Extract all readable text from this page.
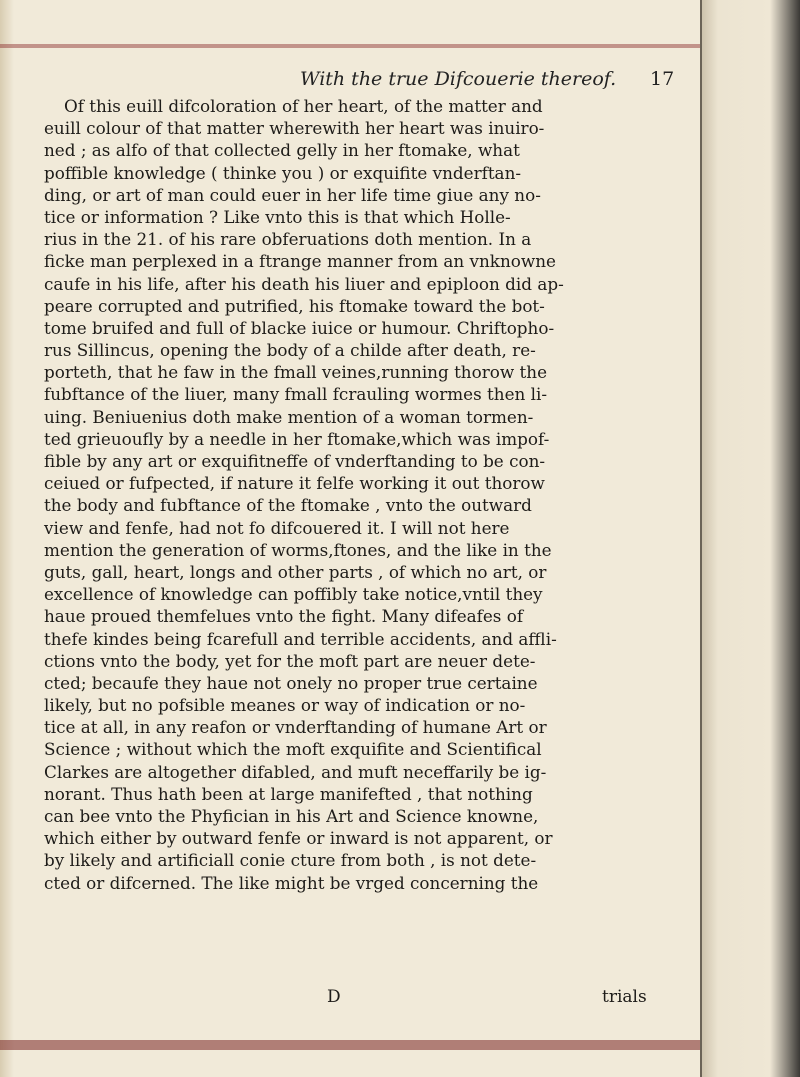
With the true Difcouerie thereof. 17
Of this euill difcoloration of her heart, of the matter and
euill colour of that matter wherewith her heart was inuiro-
ned ; as alfo of that collected gelly in her ftomake, what
poffible knowledge ( thinke you ) or exquifite vnderftan-
ding, or art of man could euer in her life time giue any no-
tice or information ? Like vnto this is that which Holle-
rius in the 21. of his rare obferuations doth mention. In a
ficke man perplexed in a ftrange manner from an vnknowne
caufe in his life, after his death his liuer and epiploon did ap-
peare corrupted and putrified, his ftomake toward the bot-
tome bruifed and full of blacke iuice or humour. Chriftopho-
rus Sillincus, opening the body of a childe after death, re-
porteth, that he faw in the fmall veines,running thorow the
fubftance of the liuer, many fmall fcrauling wormes then li-
uing. Beniuenius doth make mention of a woman tormen-
ted grieuoufly by a needle in her ftomake,which was impof-
fible by any art or exquifitneffe of vnderftanding to be con-
ceiued or fufpected, if nature it felfe working it out thorow
the body and fubftance of the ftomake , vnto the outward
view and fenfe, had not fo difcouered it. I will not here
mention the generation of worms,ftones, and the like in the
guts, gall, heart, longs and other parts , of which no art, or
excellence of knowledge can poffibly take notice,vntil they
haue proued themfelues vnto the fight. Many difeafes of
thefe kindes being fcarefull and terrible accidents, and affli-
ctions vnto the body, yet for the moft part are neuer dete-
cted; becaufe they haue not onely no proper true certaine
likely, but no pofsible meanes or way of indication or no-
tice at all, in any reafon or vnderftanding of humane Art or
Science ; without which the moft exquifite and Scientifical
Clarkes are altogether difabled, and muft neceffarily be ig-
norant. Thus hath been at large manifefted , that nothing
can bee vnto the Phyfician in his Art and Science knowne,
which either by outward fenfe or inward is not apparent, or
by likely and artificiall conie cture from both , is not dete-
cted or difcerned. The like might be vrged concerning the
D	trials
